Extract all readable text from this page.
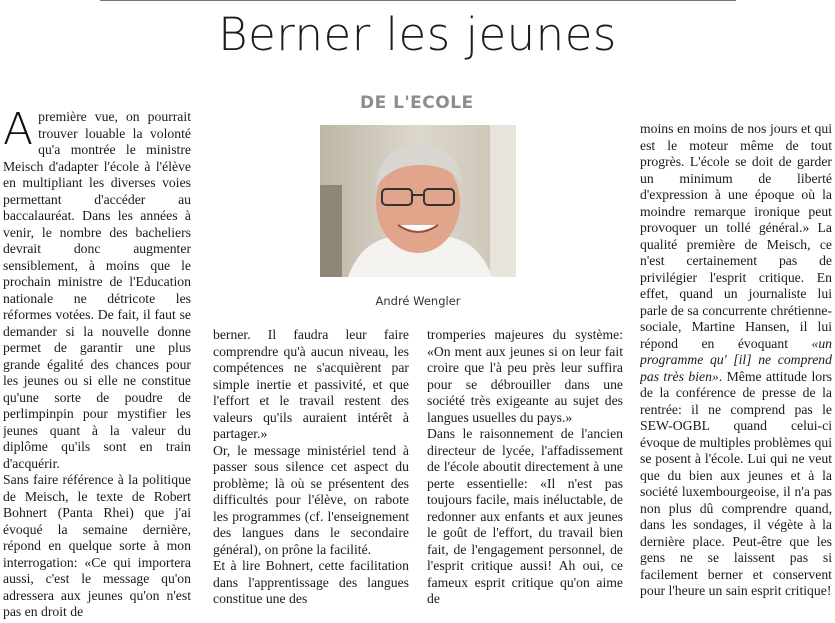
Berner les jeunes
DE L'ECOLE
André Wengler

Apremière vue, on pourrait trouver louable la volonté qu'a montrée le ministre Meisch d'adapter l'école à l'élève en multipliant les diverses voies permettant d'accéder au baccalauréat. Dans les années à venir, le nombre des bacheliers devrait donc augmenter sensiblement, à moins que le prochain ministre de l'Education nationale ne détricote les réformes votées. De fait, il faut se demander si la nouvelle donne permet de garantir une plus grande égalité des chances pour les jeunes ou si elle ne constitue qu'une sorte de poudre de perlimpinpin pour mystifier les jeunes quant à la valeur du diplôme qu'ils sont en train d'acquérir.

Sans faire référence à la politique de Meisch, le texte de Robert Bohnert (Panta Rhei) que j'ai évoqué la semaine dernière, répond en quelque sorte à mon interrogation: «Ce qui importera aussi, c'est le message qu'on adressera aux jeunes qu'on n'est pas en droit de

berner. Il faudra leur faire comprendre qu'à aucun niveau, les compétences ne s'acquièrent par simple inertie et passivité, et que l'effort et le travail restent des valeurs qu'ils auraient intérêt à partager.»

Or, le message ministériel tend à passer sous silence cet aspect du problème; là où se présentent des difficultés pour l'élève, on rabote les programmes (cf. l'enseignement des langues dans le secondaire général), on prône la facilité.

Et à lire Bohnert, cette facilitation dans l'apprentissage des langues constitue une des

tromperies majeures du système: «On ment aux jeunes si on leur fait croire que l'à peu près leur suffira pour se débrouiller dans une société très exigeante au sujet des langues usuelles du pays.»

Dans le raisonnement de l'ancien directeur de lycée, l'affadissement de l'école aboutit directement à une perte essentielle: «Il n'est pas toujours facile, mais inéluctable, de redonner aux enfants et aux jeunes le goût de l'effort, du travail bien fait, de l'engagement personnel, de l'esprit critique aussi! Ah oui, ce fameux esprit critique qu'on aime de

moins en moins de nos jours et qui est le moteur même de tout progrès. L'école se doit de garder un minimum de liberté d'expression à une époque où la moindre remarque ironique peut provoquer un tollé général.» La qualité première de Meisch, ce n'est certainement pas de privilégier l'esprit critique. En effet, quand un journaliste lui parle de sa concurrente chrétienne-sociale, Martine Hansen, il lui répond en évoquant «un programme qu' [il] ne comprend pas très bien». Même attitude lors de la conférence de presse de la rentrée: il ne comprend pas le SEW-OGBL quand celui-ci évoque de multiples problèmes qui se posent à l'école. Lui qui ne veut que du bien aux jeunes et à la société luxembourgeoise, il n'a pas non plus dû comprendre quand, dans les sondages, il végète à la dernière place. Peut-être que les gens ne se laissent pas si facilement berner et conservent pour l'heure un sain esprit critique!
